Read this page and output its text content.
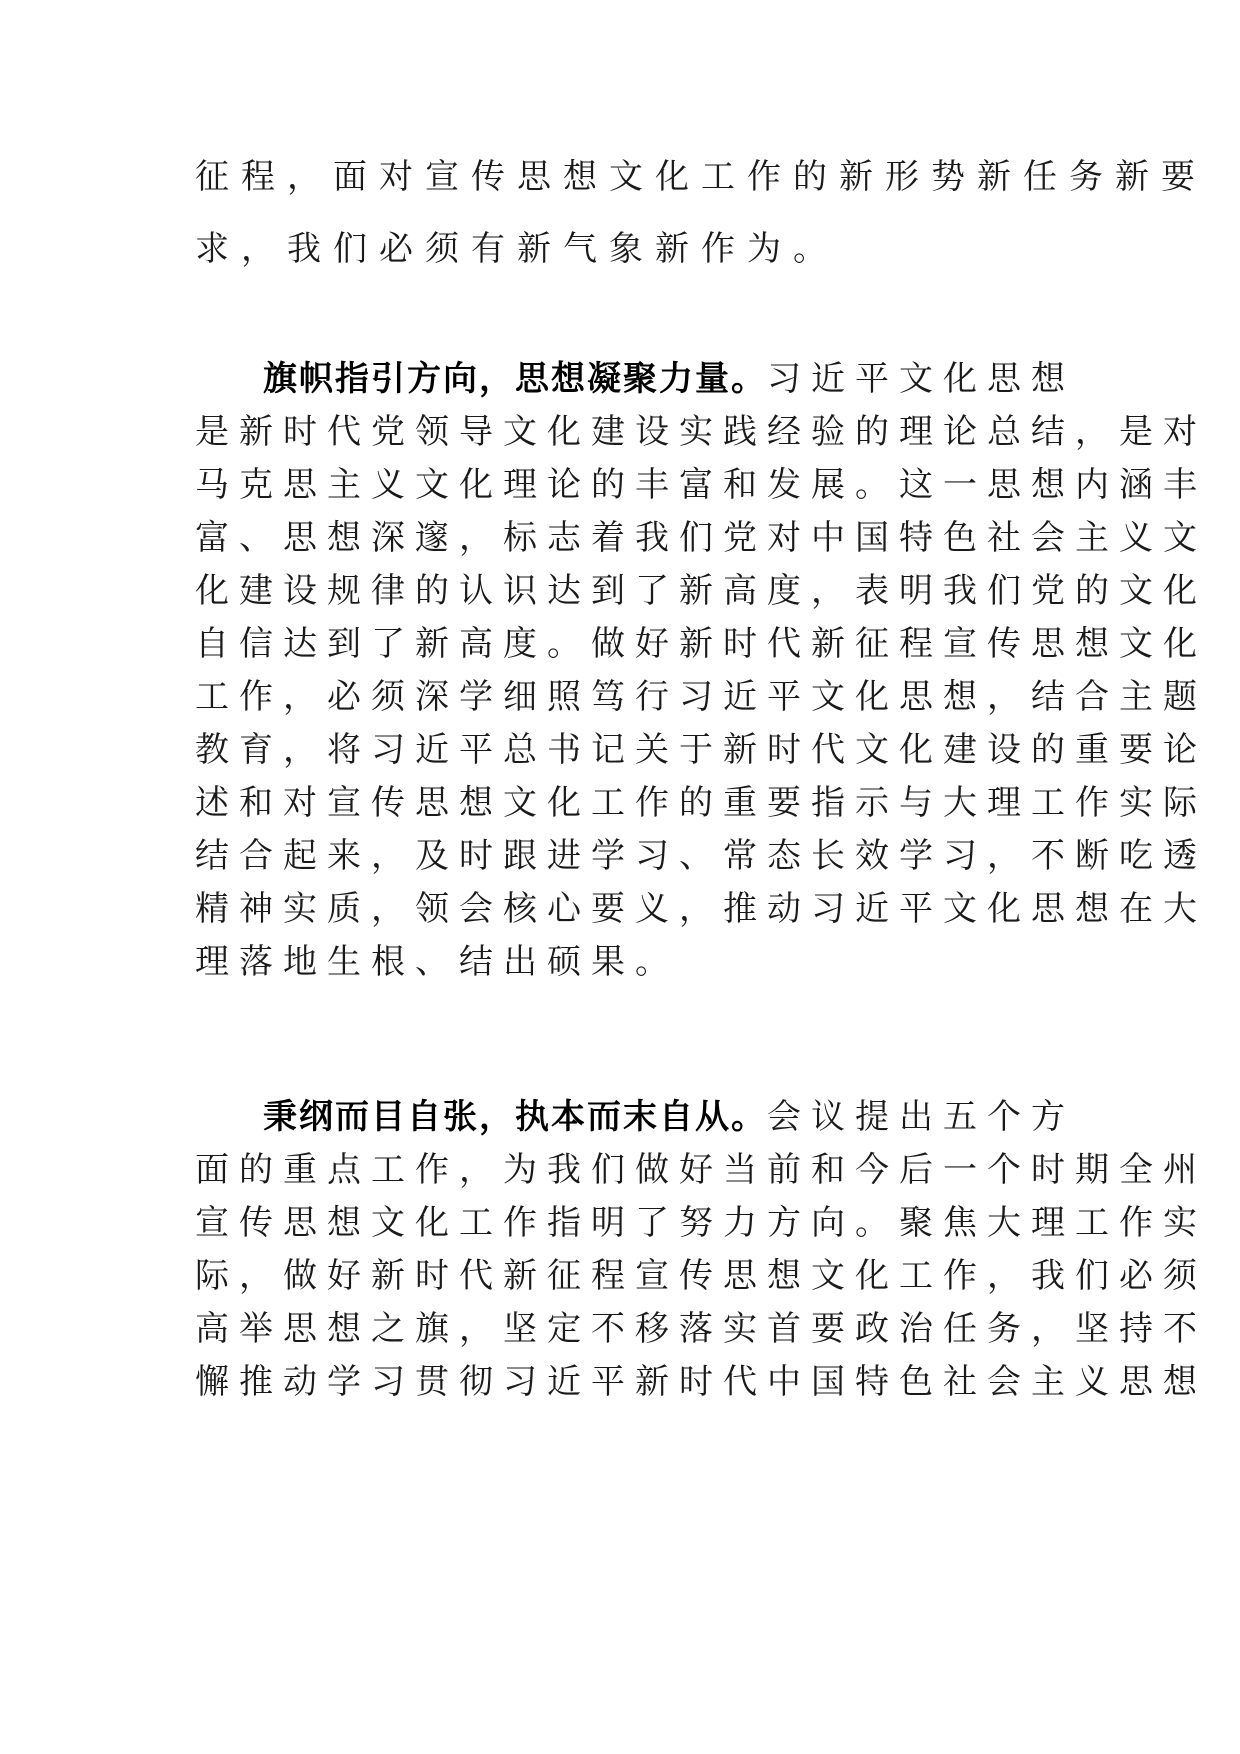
征程，面对宣传思想文化工作的新形势新任务新要

求，我们必须有新气象新作为。

旗帜指引方向，思想凝聚力量。习近平文化思想

是新时代党领导文化建设实践经验的理论总结，是对

马克思主义文化理论的丰富和发展。这一思想内涵丰

富、思想深邃，标志着我们党对中国特色社会主义文

化建设规律的认识达到了新高度，表明我们党的文化

自信达到了新高度。做好新时代新征程宣传思想文化

工作，必须深学细照笃行习近平文化思想，结合主题

教育，将习近平总书记关于新时代文化建设的重要论

述和对宣传思想文化工作的重要指示与大理工作实际

结合起来，及时跟进学习、常态长效学习，不断吃透

精神实质，领会核心要义，推动习近平文化思想在大

理落地生根、结出硕果。

秉纲而目自张，执本而末自从。会议提出五个方

面的重点工作，为我们做好当前和今后一个时期全州

宣传思想文化工作指明了努力方向。聚焦大理工作实

际，做好新时代新征程宣传思想文化工作，我们必须

高举思想之旗，坚定不移落实首要政治任务，坚持不

懈推动学习贯彻习近平新时代中国特色社会主义思想
